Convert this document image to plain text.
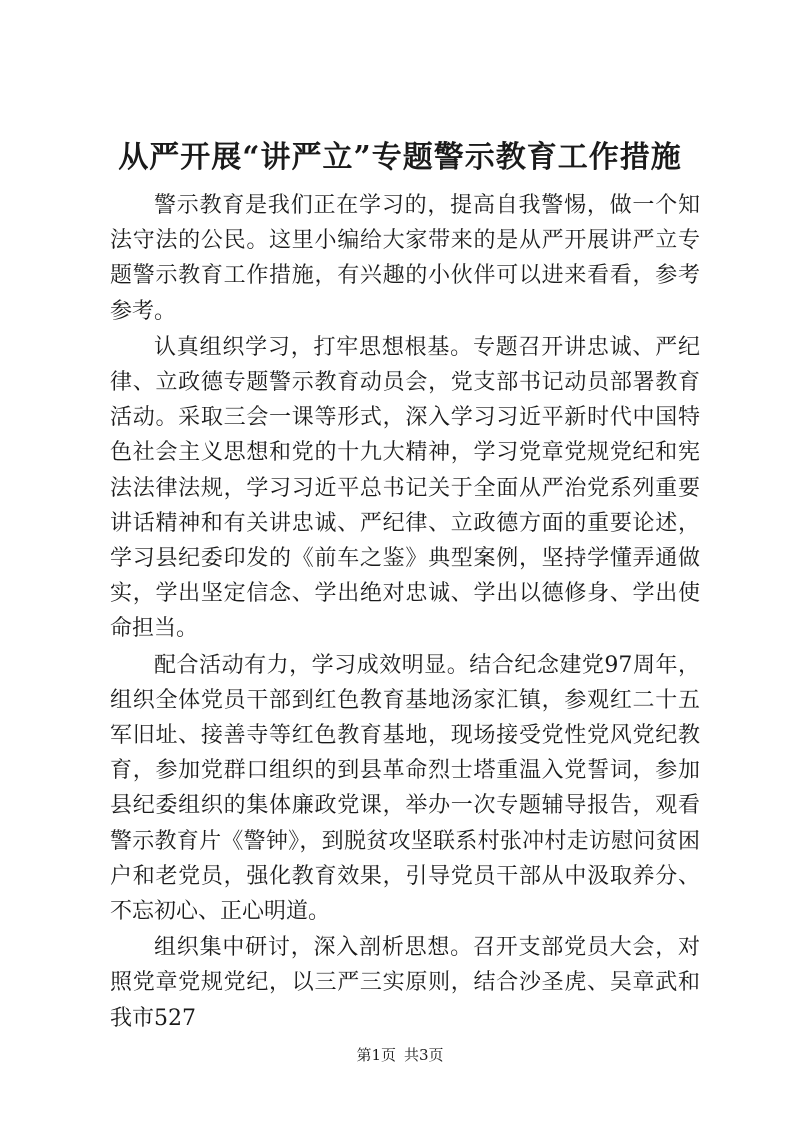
从严开展“讲严立”专题警示教育工作措施

警示教育是我们正在学习的，提高自我警惕，做一个知法守法的公民。这里小编给大家带来的是从严开展讲严立专题警示教育工作措施，有兴趣的小伙伴可以进来看看，参考参考。

认真组织学习，打牢思想根基。专题召开讲忠诚、严纪律、立政德专题警示教育动员会，党支部书记动员部署教育活动。采取三会一课等形式，深入学习习近平新时代中国特色社会主义思想和党的十九大精神，学习党章党规党纪和宪法法律法规，学习习近平总书记关于全面从严治党系列重要讲话精神和有关讲忠诚、严纪律、立政德方面的重要论述，学习县纪委印发的《前车之鉴》典型案例，坚持学懂弄通做实，学出坚定信念、学出绝对忠诚、学出以德修身、学出使命担当。

配合活动有力，学习成效明显。结合纪念建党97周年，组织全体党员干部到红色教育基地汤家汇镇，参观红二十五军旧址、接善寺等红色教育基地，现场接受党性党风党纪教育，参加党群口组织的到县革命烈士塔重温入党誓词，参加县纪委组织的集体廉政党课，举办一次专题辅导报告，观看警示教育片《警钟》，到脱贫攻坚联系村张冲村走访慰问贫困户和老党员，强化教育效果，引导党员干部从中汲取养分、不忘初心、正心明道。

组织集中研讨，深入剖析思想。召开支部党员大会，对照党章党规党纪，以三严三实原则，结合沙圣虎、吴章武和我市527

第1页 共3页
